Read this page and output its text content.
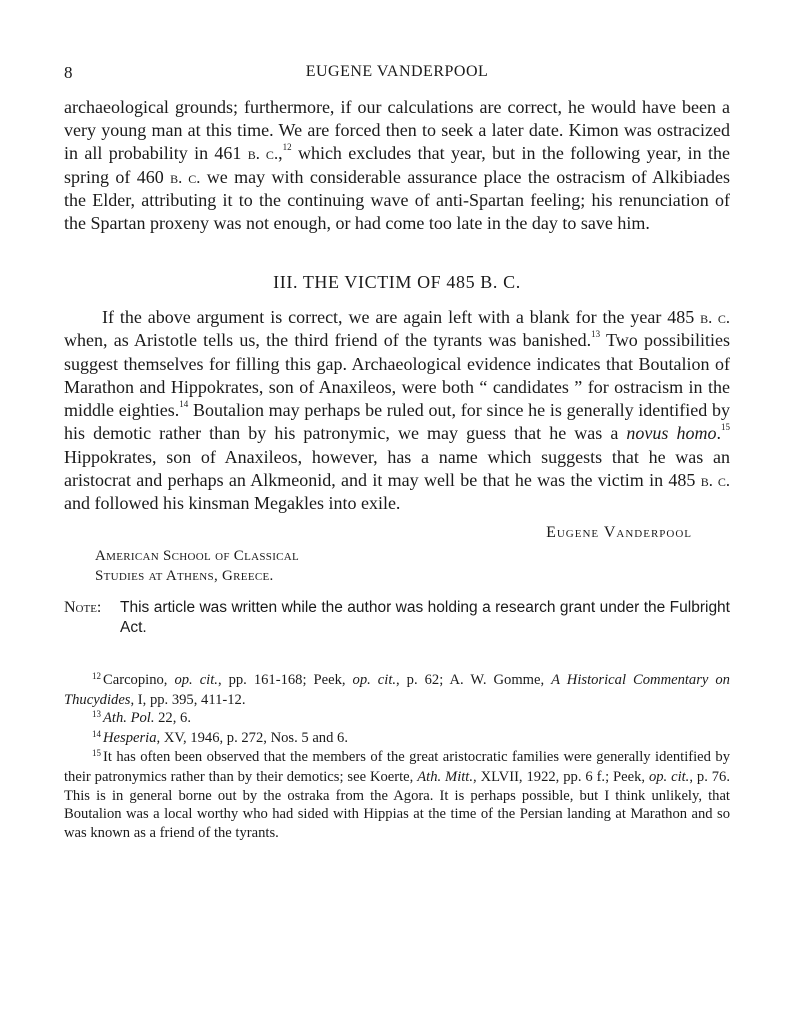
8	EUGENE VANDERPOOL

archaeological grounds; furthermore, if our calculations are correct, he would have been a very young man at this time. We are forced then to seek a later date. Kimon was ostracized in all probability in 461 b. c.,$^{12}$ which excludes that year, but in the following year, in the spring of 460 b. c. we may with considerable assurance place the ostracism of Alkibiades the Elder, attributing it to the continuing wave of anti-Spartan feeling; his renunciation of the Spartan proxeny was not enough, or had come too late in the day to save him.

III. THE VICTIM OF 485 B. C.

If the above argument is correct, we are again left with a blank for the year 485 b. c. when, as Aristotle tells us, the third friend of the tyrants was banished.$^{13}$ Two possibilities suggest themselves for filling this gap. Archaeological evidence indicates that Boutalion of Marathon and Hippokrates, son of Anaxileos, were both “ candidates ” for ostracism in the middle eighties.$^{14}$ Boutalion may perhaps be ruled out, for since he is generally identified by his demotic rather than by his patronymic, we may guess that he was a novus homo.$^{15}$ Hippokrates, son of Anaxileos, however, has a name which suggests that he was an aristocrat and perhaps an Alkmeonid, and it may well be that he was the victim in 485 b. c. and followed his kinsman Megakles into exile.

Eugene Vanderpool
American School of Classical
Studies at Athens, Greece.
Note: This article was written while the author was holding a research grant under the Fulbright Act.

$^{12}$ Carcopino, op. cit., pp. 161-168; Peek, op. cit., p. 62; A. W. Gomme, A Historical Commentary on Thucydides, I, pp. 395, 411-12.

$^{13}$ Ath. Pol. 22, 6.

$^{14}$ Hesperia, XV, 1946, p. 272, Nos. 5 and 6.

$^{15}$ It has often been observed that the members of the great aristocratic families were generally identified by their patronymics rather than by their demotics; see Koerte, Ath. Mitt., XLVII, 1922, pp. 6 f.; Peek, op. cit., p. 76. This is in general borne out by the ostraka from the Agora. It is perhaps possible, but I think unlikely, that Boutalion was a local worthy who had sided with Hippias at the time of the Persian landing at Marathon and so was known as a friend of the tyrants.
